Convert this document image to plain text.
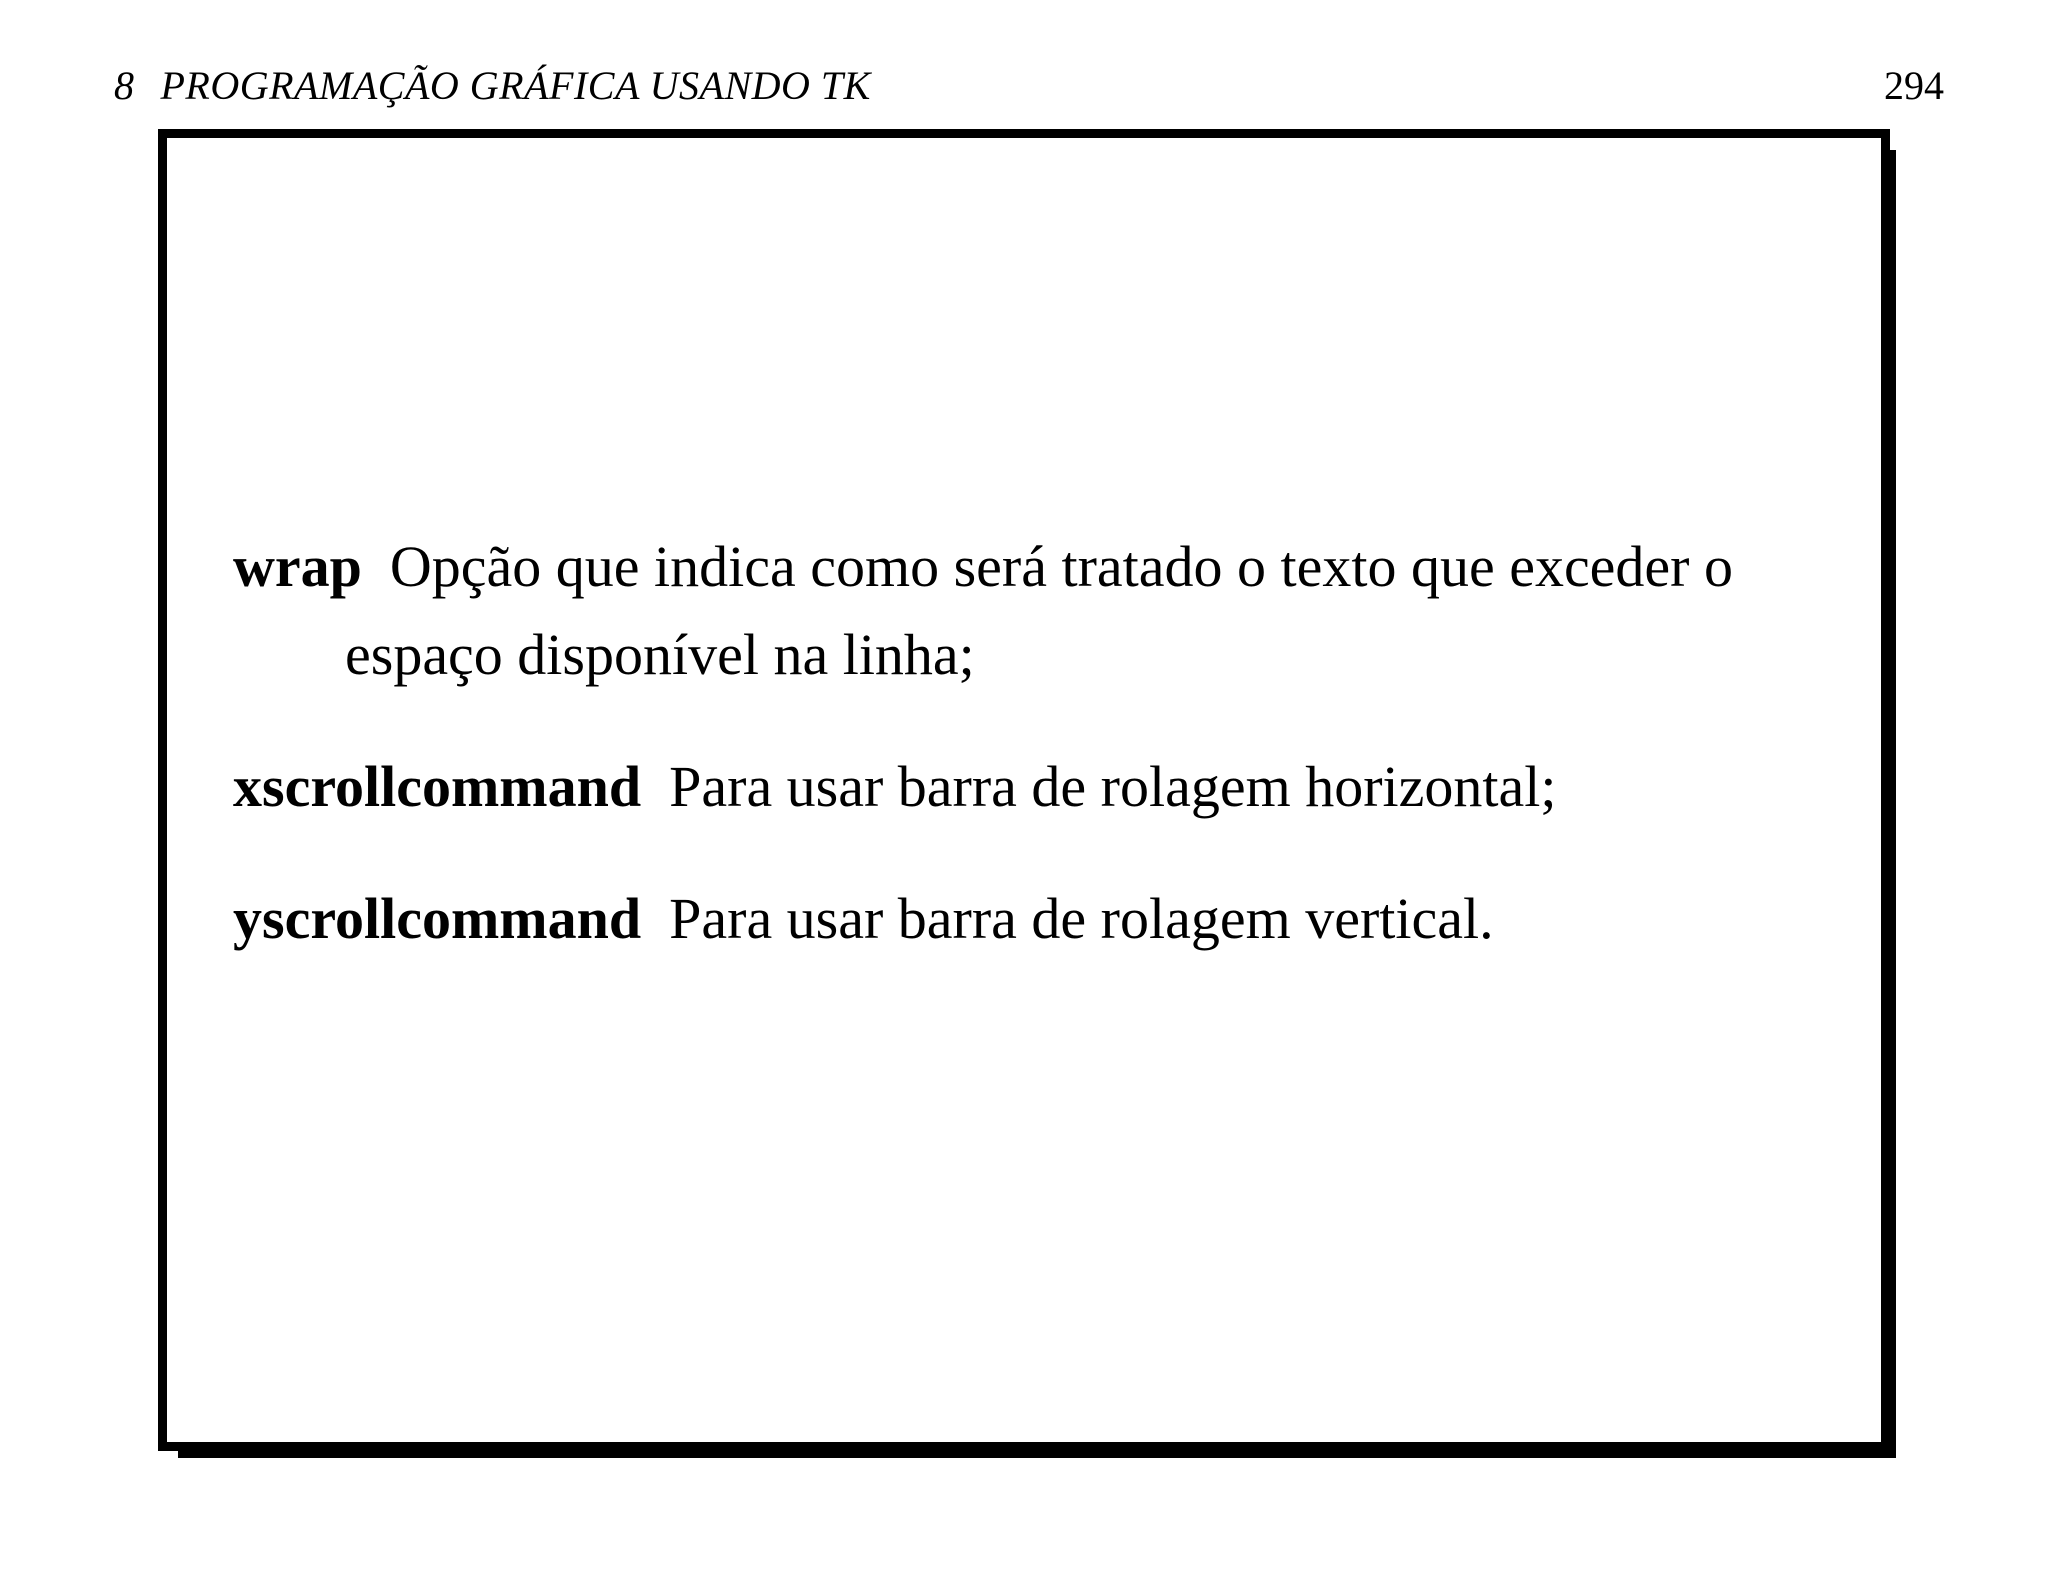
8 PROGRAMAÇÃO GRÁFICA USANDO TK	294

wrap Opção que indica como será tratado o texto que exceder o espaço disponível na linha;

xscrollcommand Para usar barra de rolagem horizontal;

yscrollcommand Para usar barra de rolagem vertical.
